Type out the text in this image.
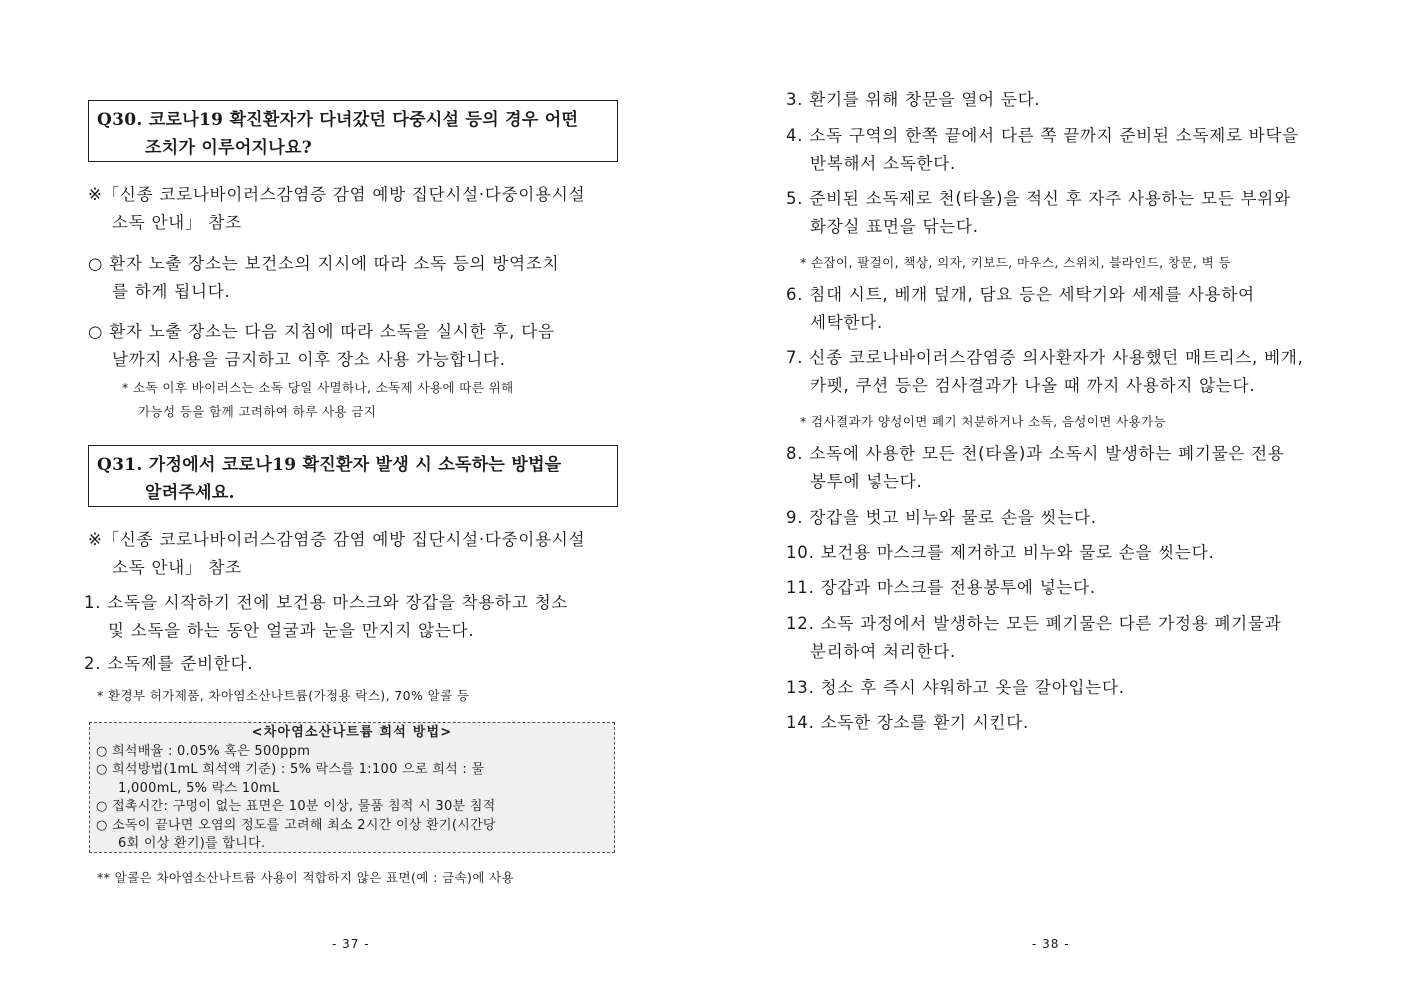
Q30. 코로나19 확진환자가 다녀갔던 다중시설 등의 경우 어떤
조치가 이루어지나요?
※「신종 코로나바이러스감염증 감염 예방 집단시설·다중이용시설
소독 안내」 참조
○ 환자 노출 장소는 보건소의 지시에 따라 소독 등의 방역조치
를 하게 됩니다.
○ 환자 노출 장소는 다음 지침에 따라 소독을 실시한 후, 다음
날까지 사용을 금지하고 이후 장소 사용 가능합니다.
* 소독 이후 바이러스는 소독 당일 사멸하나, 소독제 사용에 따른 위해
가능성 등을 함께 고려하여 하루 사용 금지
Q31. 가정에서 코로나19 확진환자 발생 시 소독하는 방법을
알려주세요.
※「신종 코로나바이러스감염증 감염 예방 집단시설·다중이용시설
소독 안내」 참조
1. 소독을 시작하기 전에 보건용 마스크와 장갑을 착용하고 청소
및 소독을 하는 동안 얼굴과 눈을 만지지 않는다.
2. 소독제를 준비한다.
* 환경부 허가제품, 차아염소산나트륨(가정용 락스), 70% 알콜 등
<차아염소산나트륨 희석 방법>
○ 희석배율 : 0.05% 혹은 500ppm
○ 희석방법(1mL 희석액 기준) : 5% 락스를 1:100 으로 희석 : 물
1,000mL, 5% 락스 10mL
○ 접촉시간: 구멍이 없는 표면은 10분 이상, 물품 침적 시 30분 침적
○ 소독이 끝나면 오염의 정도를 고려해 최소 2시간 이상 환기(시간당
6회 이상 환기)를 합니다.
** 알콜은 차아염소산나트륨 사용이 적합하지 않은 표면(예 : 금속)에 사용
- 37 -
3. 환기를 위해 창문을 열어 둔다.
4. 소독 구역의 한쪽 끝에서 다른 쪽 끝까지 준비된 소독제로 바닥을
반복해서 소독한다.
5. 준비된 소독제로 천(타올)을 적신 후 자주 사용하는 모든 부위와
화장실 표면을 닦는다.
* 손잡이, 팔걸이, 책상, 의자, 키보드, 마우스, 스위치, 블라인드, 창문, 벽 등
6. 침대 시트, 베개 덮개, 담요 등은 세탁기와 세제를 사용하여
세탁한다.
7. 신종 코로나바이러스감염증 의사환자가 사용했던 매트리스, 베개,
카펫, 쿠션 등은 검사결과가 나올 때 까지 사용하지 않는다.
* 검사결과가 양성이면 폐기 처분하거나 소독, 음성이면 사용가능
8. 소독에 사용한 모든 천(타올)과 소독시 발생하는 폐기물은 전용
봉투에 넣는다.
9. 장갑을 벗고 비누와 물로 손을 씻는다.
10. 보건용 마스크를 제거하고 비누와 물로 손을 씻는다.
11. 장갑과 마스크를 전용봉투에 넣는다.
12. 소독 과정에서 발생하는 모든 폐기물은 다른 가정용 폐기물과
분리하여 처리한다.
13. 청소 후 즉시 샤워하고 옷을 갈아입는다.
14. 소독한 장소를 환기 시킨다.
- 38 -
